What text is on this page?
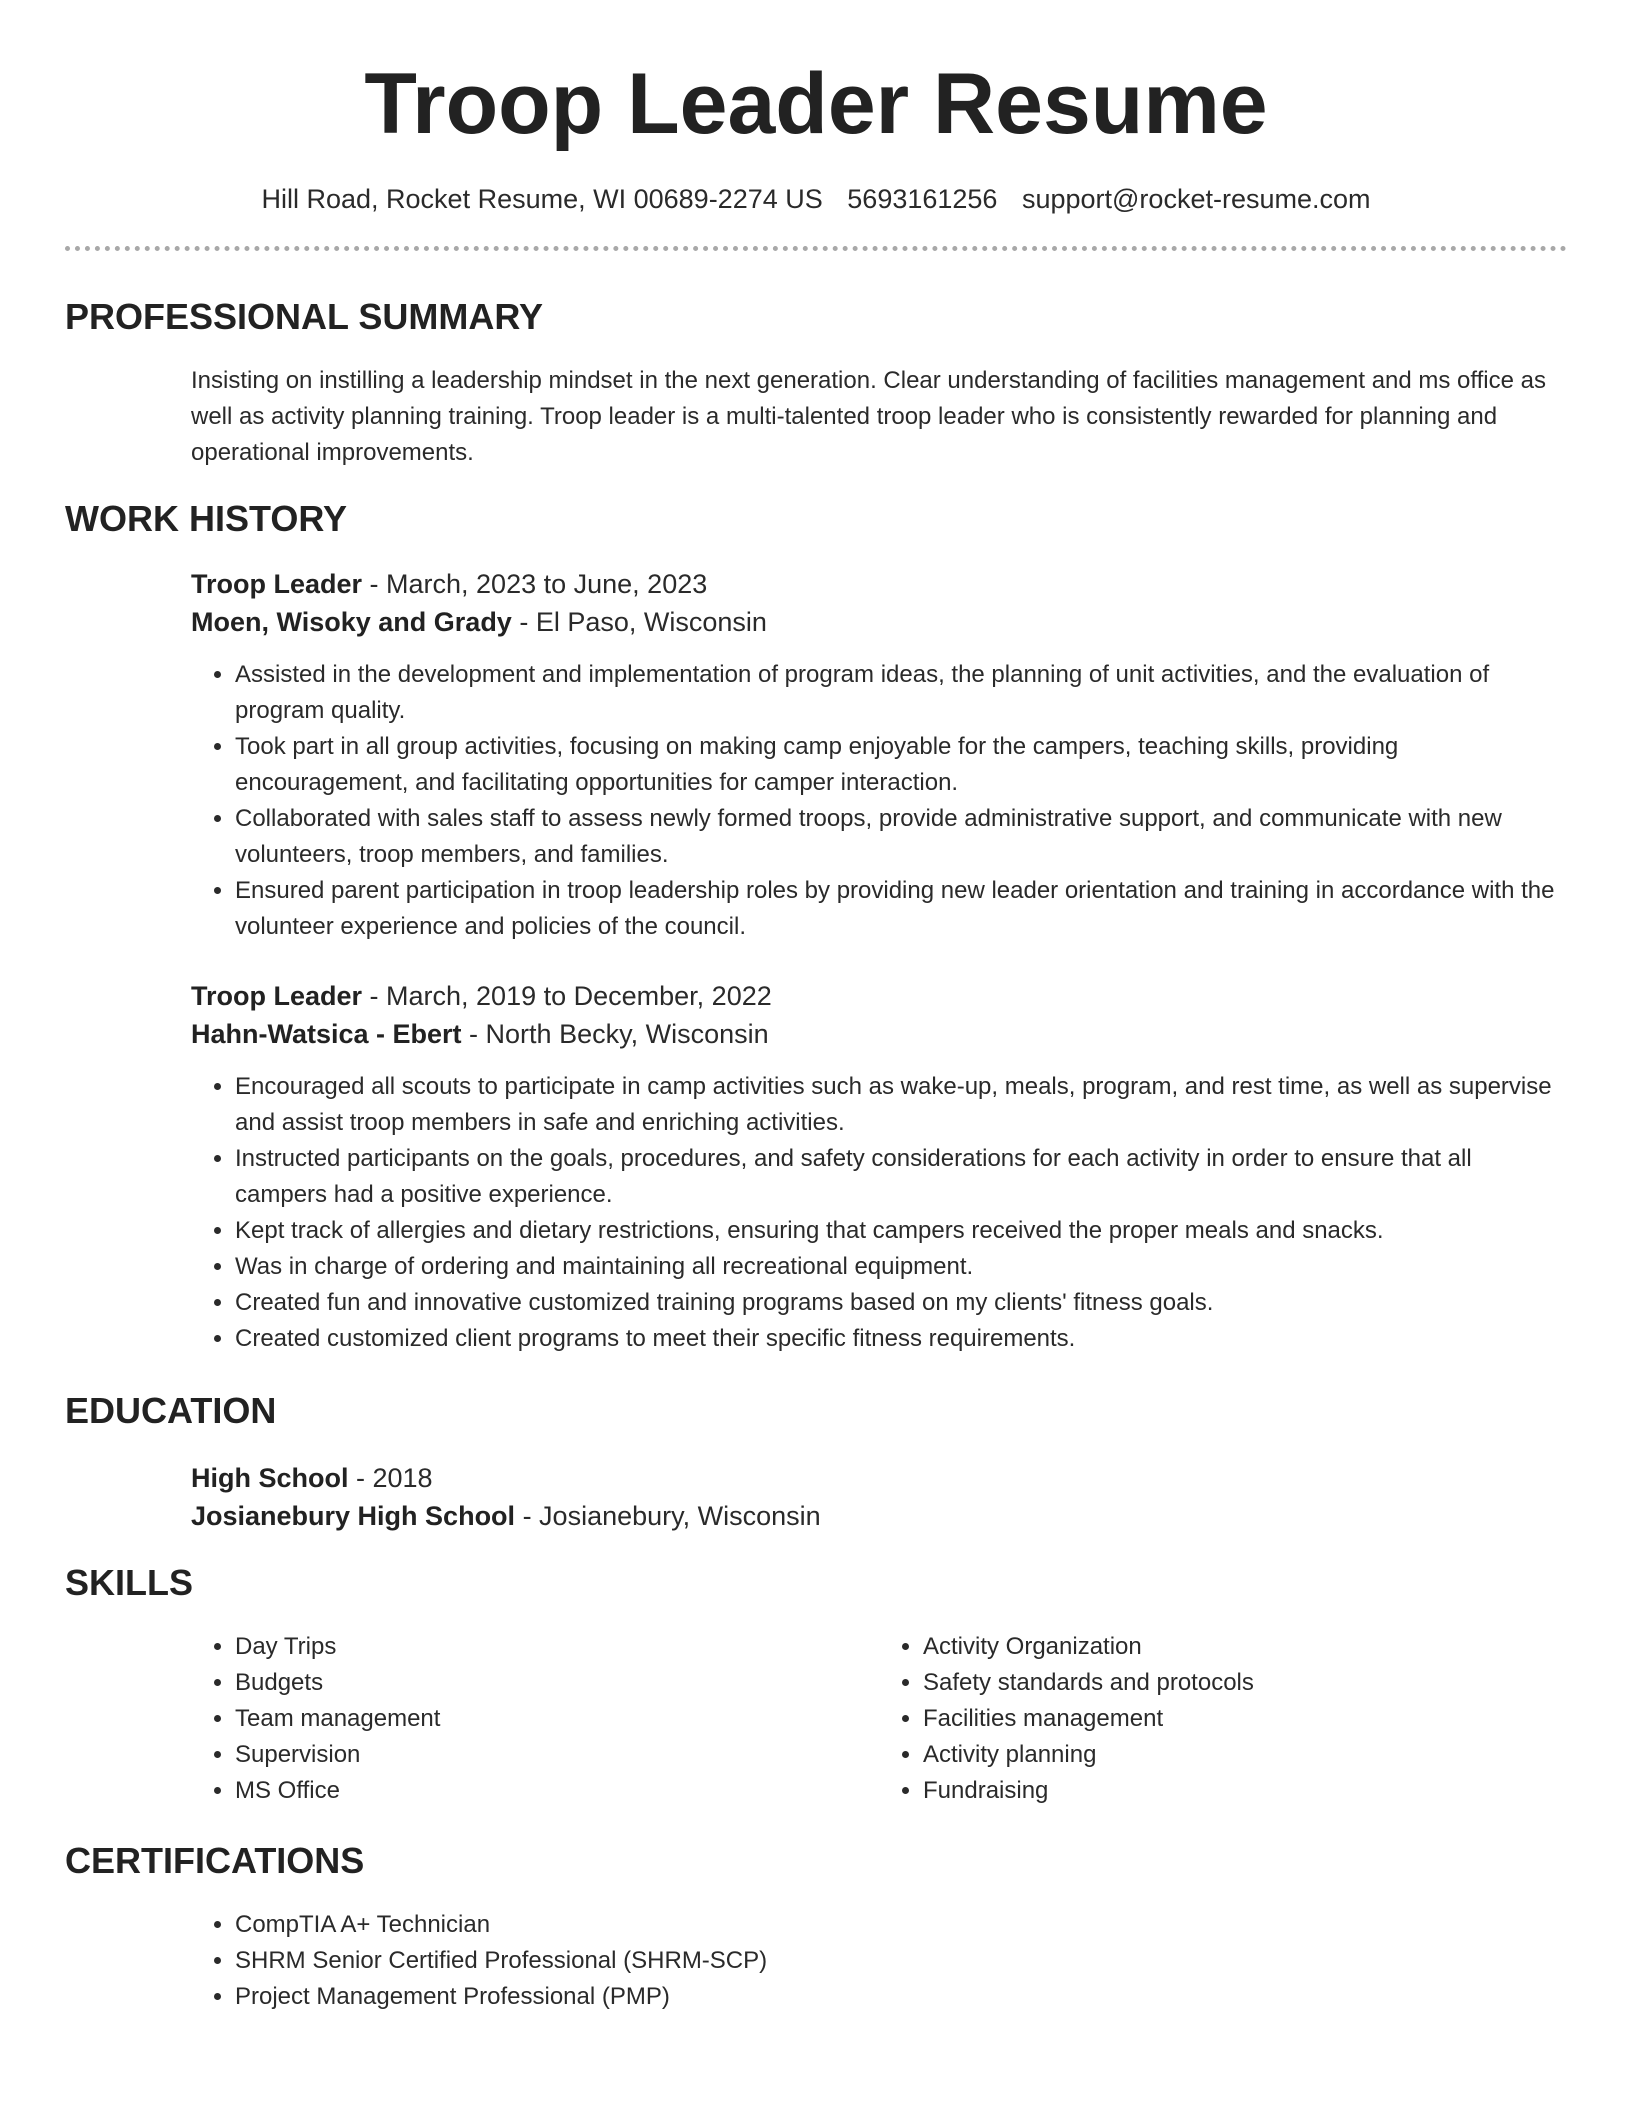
Troop Leader Resume
Hill Road, Rocket Resume, WI 00689-2274 US 5693161256 support@rocket-resume.com
PROFESSIONAL SUMMARY
Insisting on instilling a leadership mindset in the next generation. Clear understanding of facilities management and ms office as well as activity planning training. Troop leader is a multi-talented troop leader who is consistently rewarded for planning and operational improvements.
WORK HISTORY
Troop Leader - March, 2023 to June, 2023
Moen, Wisoky and Grady - El Paso, Wisconsin
• Assisted in the development and implementation of program ideas, the planning of unit activities, and the evaluation of program quality.
• Took part in all group activities, focusing on making camp enjoyable for the campers, teaching skills, providing encouragement, and facilitating opportunities for camper interaction.
• Collaborated with sales staff to assess newly formed troops, provide administrative support, and communicate with new volunteers, troop members, and families.
• Ensured parent participation in troop leadership roles by providing new leader orientation and training in accordance with the volunteer experience and policies of the council.
Troop Leader - March, 2019 to December, 2022
Hahn-Watsica - Ebert - North Becky, Wisconsin
• Encouraged all scouts to participate in camp activities such as wake-up, meals, program, and rest time, as well as supervise and assist troop members in safe and enriching activities.
• Instructed participants on the goals, procedures, and safety considerations for each activity in order to ensure that all campers had a positive experience.
• Kept track of allergies and dietary restrictions, ensuring that campers received the proper meals and snacks.
• Was in charge of ordering and maintaining all recreational equipment.
• Created fun and innovative customized training programs based on my clients' fitness goals.
• Created customized client programs to meet their specific fitness requirements.
EDUCATION
High School - 2018
Josianebury High School - Josianebury, Wisconsin
SKILLS
• Day Trips
• Budgets
• Team management
• Supervision
• MS Office
• Activity Organization
• Safety standards and protocols
• Facilities management
• Activity planning
• Fundraising
CERTIFICATIONS
• CompTIA A+ Technician
• SHRM Senior Certified Professional (SHRM-SCP)
• Project Management Professional (PMP)
